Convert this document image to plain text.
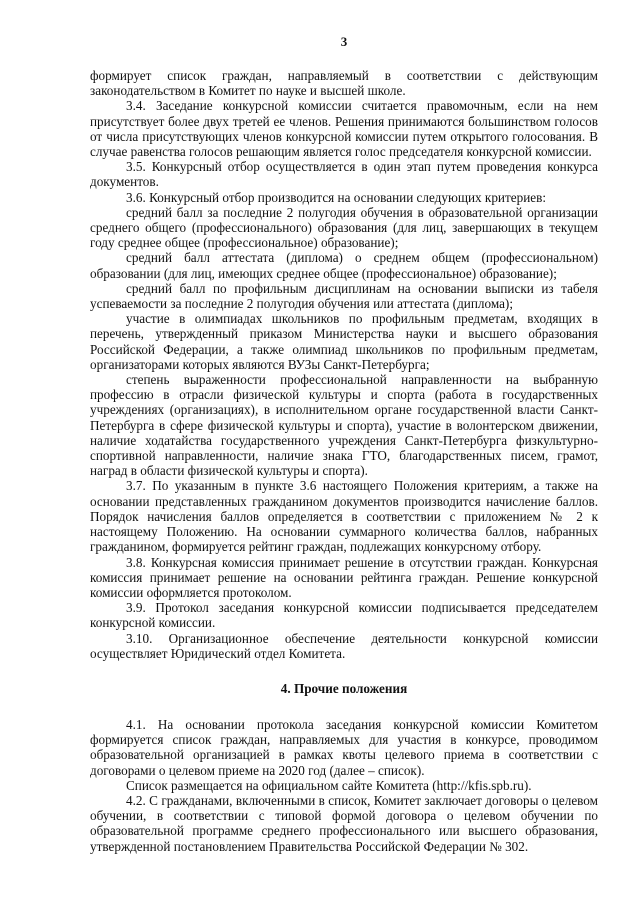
3

формирует список граждан, направляемый в соответствии с действующим законодательством в Комитет по науке и высшей школе.

3.4. Заседание конкурсной комиссии считается правомочным, если на нем присутствует более двух третей ее членов. Решения принимаются большинством голосов от числа присутствующих членов конкурсной комиссии путем открытого голосования. В случае равенства голосов решающим является голос председателя конкурсной комиссии.

3.5. Конкурсный отбор осуществляется в один этап путем проведения конкурса документов.

3.6. Конкурсный отбор производится на основании следующих критериев:

средний балл за последние 2 полугодия обучения в образовательной организации среднего общего (профессионального) образования (для лиц, завершающих в текущем году среднее общее (профессиональное) образование);

средний балл аттестата (диплома) о среднем общем (профессиональном) образовании (для лиц, имеющих среднее общее (профессиональное) образование);

средний балл по профильным дисциплинам на основании выписки из табеля успеваемости за последние 2 полугодия обучения или аттестата (диплома);

участие в олимпиадах школьников по профильным предметам, входящих в перечень, утвержденный приказом Министерства науки и высшего образования Российской Федерации, а также олимпиад школьников по профильным предметам, организаторами которых являются ВУЗы Санкт-Петербурга;

степень выраженности профессиональной направленности на выбранную профессию в отрасли физической культуры и спорта (работа в государственных учреждениях (организациях), в исполнительном органе государственной власти Санкт-Петербурга в сфере физической культуры и спорта), участие в волонтерском движении, наличие ходатайства государственного учреждения Санкт-Петербурга физкультурно-спортивной направленности, наличие знака ГТО, благодарственных писем, грамот, наград в области физической культуры и спорта).

3.7. По указанным в пункте 3.6 настоящего Положения критериям, а также на основании представленных гражданином документов производится начисление баллов. Порядок начисления баллов определяется в соответствии с приложением № 2 к настоящему Положению. На основании суммарного количества баллов, набранных гражданином, формируется рейтинг граждан, подлежащих конкурсному отбору.

3.8. Конкурсная комиссия принимает решение в отсутствии граждан. Конкурсная комиссия принимает решение на основании рейтинга граждан. Решение конкурсной комиссии оформляется протоколом.

3.9. Протокол заседания конкурсной комиссии подписывается председателем конкурсной комиссии.

3.10. Организационное обеспечение деятельности конкурсной комиссии осуществляет Юридический отдел Комитета.

4. Прочие положения

4.1. На основании протокола заседания конкурсной комиссии Комитетом формируется список граждан, направляемых для участия в конкурсе, проводимом образовательной организацией в рамках квоты целевого приема в соответствии с договорами о целевом приеме на 2020 год (далее – список).

Список размещается на официальном сайте Комитета (http://kfis.spb.ru).

4.2. С гражданами, включенными в список, Комитет заключает договоры о целевом обучении, в соответствии с типовой формой договора о целевом обучении по образовательной программе среднего профессионального или высшего образования, утвержденной постановлением Правительства Российской Федерации № 302.
